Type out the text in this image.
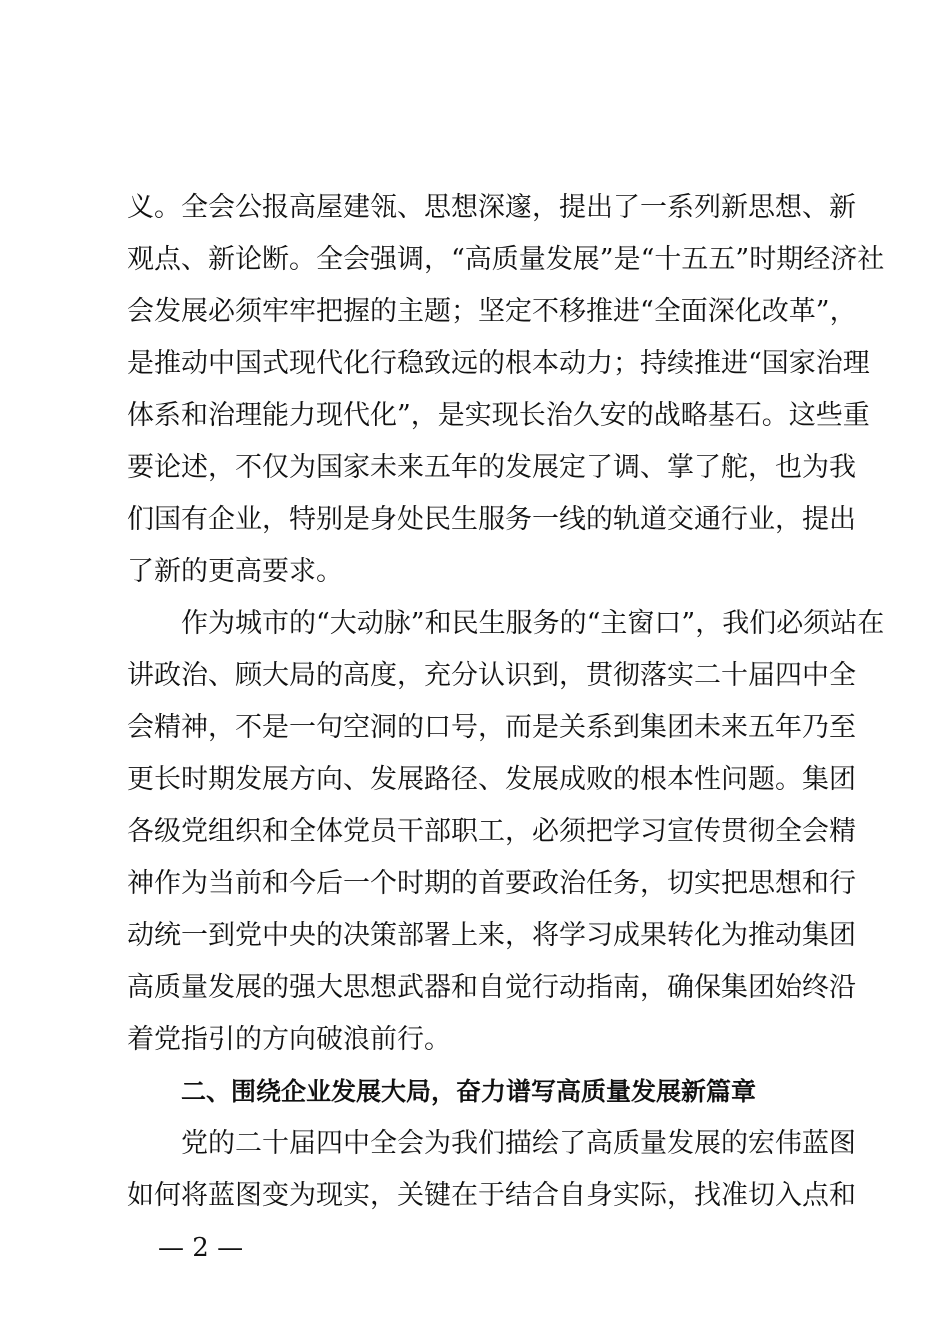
义。全会公报高屋建瓴、思想深邃，提出了一系列新思想、新
观点、新论断。全会强调，“高质量发展”是“十五五”时期经济社
会发展必须牢牢把握的主题；坚定不移推进“全面深化改革”，
是推动中国式现代化行稳致远的根本动力；持续推进“国家治理
体系和治理能力现代化”，是实现长治久安的战略基石。这些重
要论述，不仅为国家未来五年的发展定了调、掌了舵，也为我
们国有企业，特别是身处民生服务一线的轨道交通行业，提出
了新的更高要求。
作为城市的“大动脉”和民生服务的“主窗口”，我们必须站在
讲政治、顾大局的高度，充分认识到，贯彻落实二十届四中全
会精神，不是一句空洞的口号，而是关系到集团未来五年乃至
更长时期发展方向、发展路径、发展成败的根本性问题。集团
各级党组织和全体党员干部职工，必须把学习宣传贯彻全会精
神作为当前和今后一个时期的首要政治任务，切实把思想和行
动统一到党中央的决策部署上来，将学习成果转化为推动集团
高质量发展的强大思想武器和自觉行动指南，确保集团始终沿
着党指引的方向破浪前行。
二、围绕企业发展大局，奋力谱写高质量发展新篇章
党的二十届四中全会为我们描绘了高质量发展的宏伟蓝图
如何将蓝图变为现实，关键在于结合自身实际，找准切入点和
— 2 —
